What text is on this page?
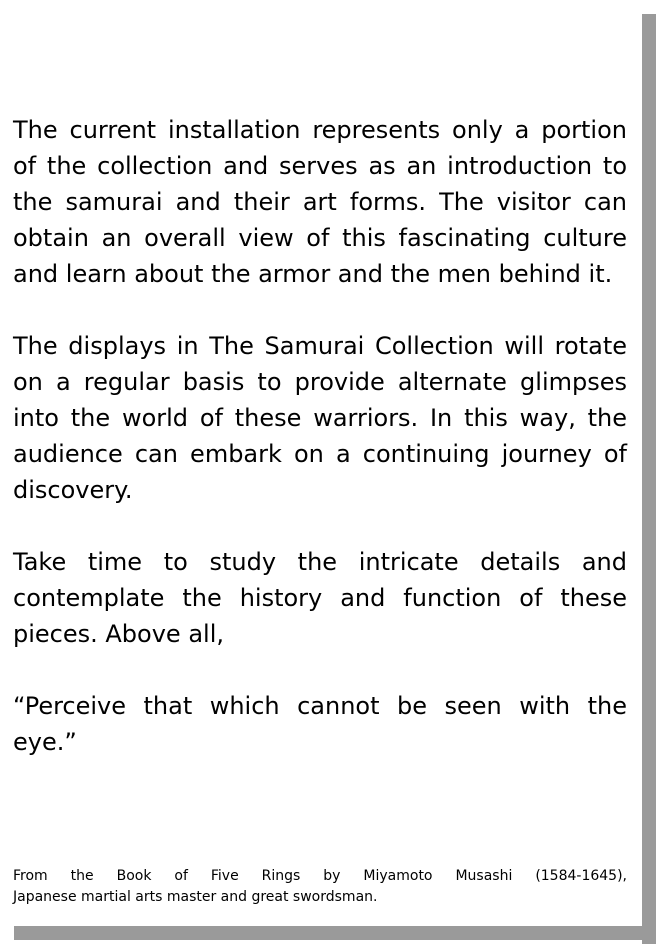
The current installation represents only a portion of the collection and serves as an introduction to the samurai and their art forms. The visitor can obtain an overall view of this fascinating culture and learn about the armor and the men behind it.

The displays in The Samurai Collection will rotate on a regular basis to provide alternate glimpses into the world of these warriors. In this way, the audience can embark on a continuing journey of discovery.

Take time to study the intricate details and contemplate the history and function of these pieces. Above all,

“Perceive that which cannot be seen with the eye.”

From the Book of Five Rings by Miyamoto Musashi (1584-1645),
Japanese martial arts master and great swordsman.
